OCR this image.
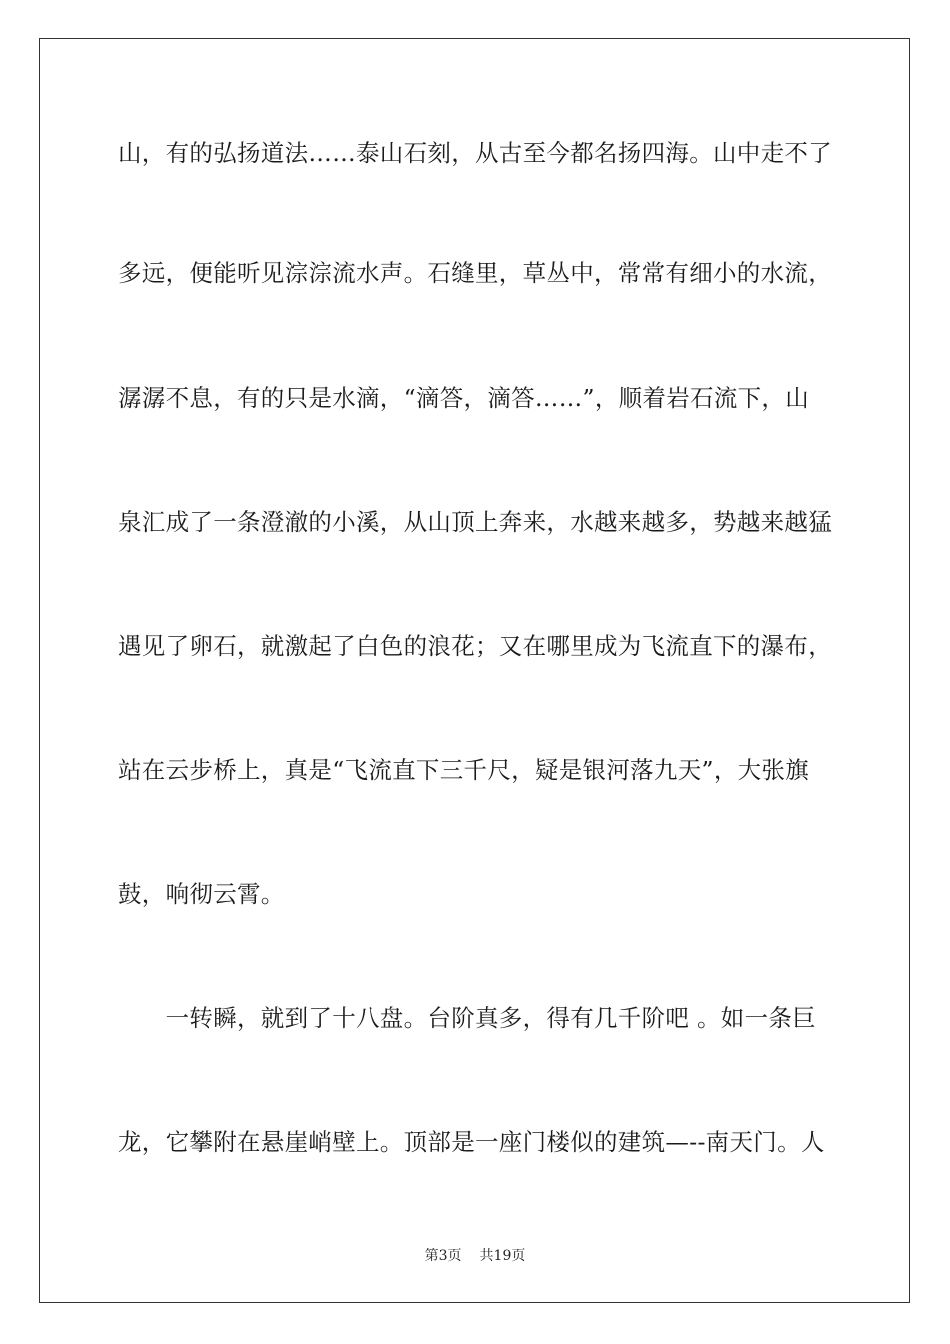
山，有的弘扬道法……泰山石刻，从古至今都名扬四海。山中走不了
多远，便能听见淙淙流水声。石缝里，草丛中，常常有细小的水流，
潺潺不息，有的只是水滴，“滴答，滴答……”，顺着岩石流下，山
泉汇成了一条澄澈的小溪，从山顶上奔来，水越来越多，势越来越猛
遇见了卵石，就激起了白色的浪花；又在哪里成为飞流直下的瀑布，
站在云步桥上，真是“飞流直下三千尺，疑是银河落九天”，大张旗
鼓，响彻云霄。
　　一转瞬，就到了十八盘。台阶真多，得有几千阶吧 。如一条巨
龙，它攀附在悬崖峭壁上。顶部是一座门楼似的建筑—--南天门。人
第3页 共19页
